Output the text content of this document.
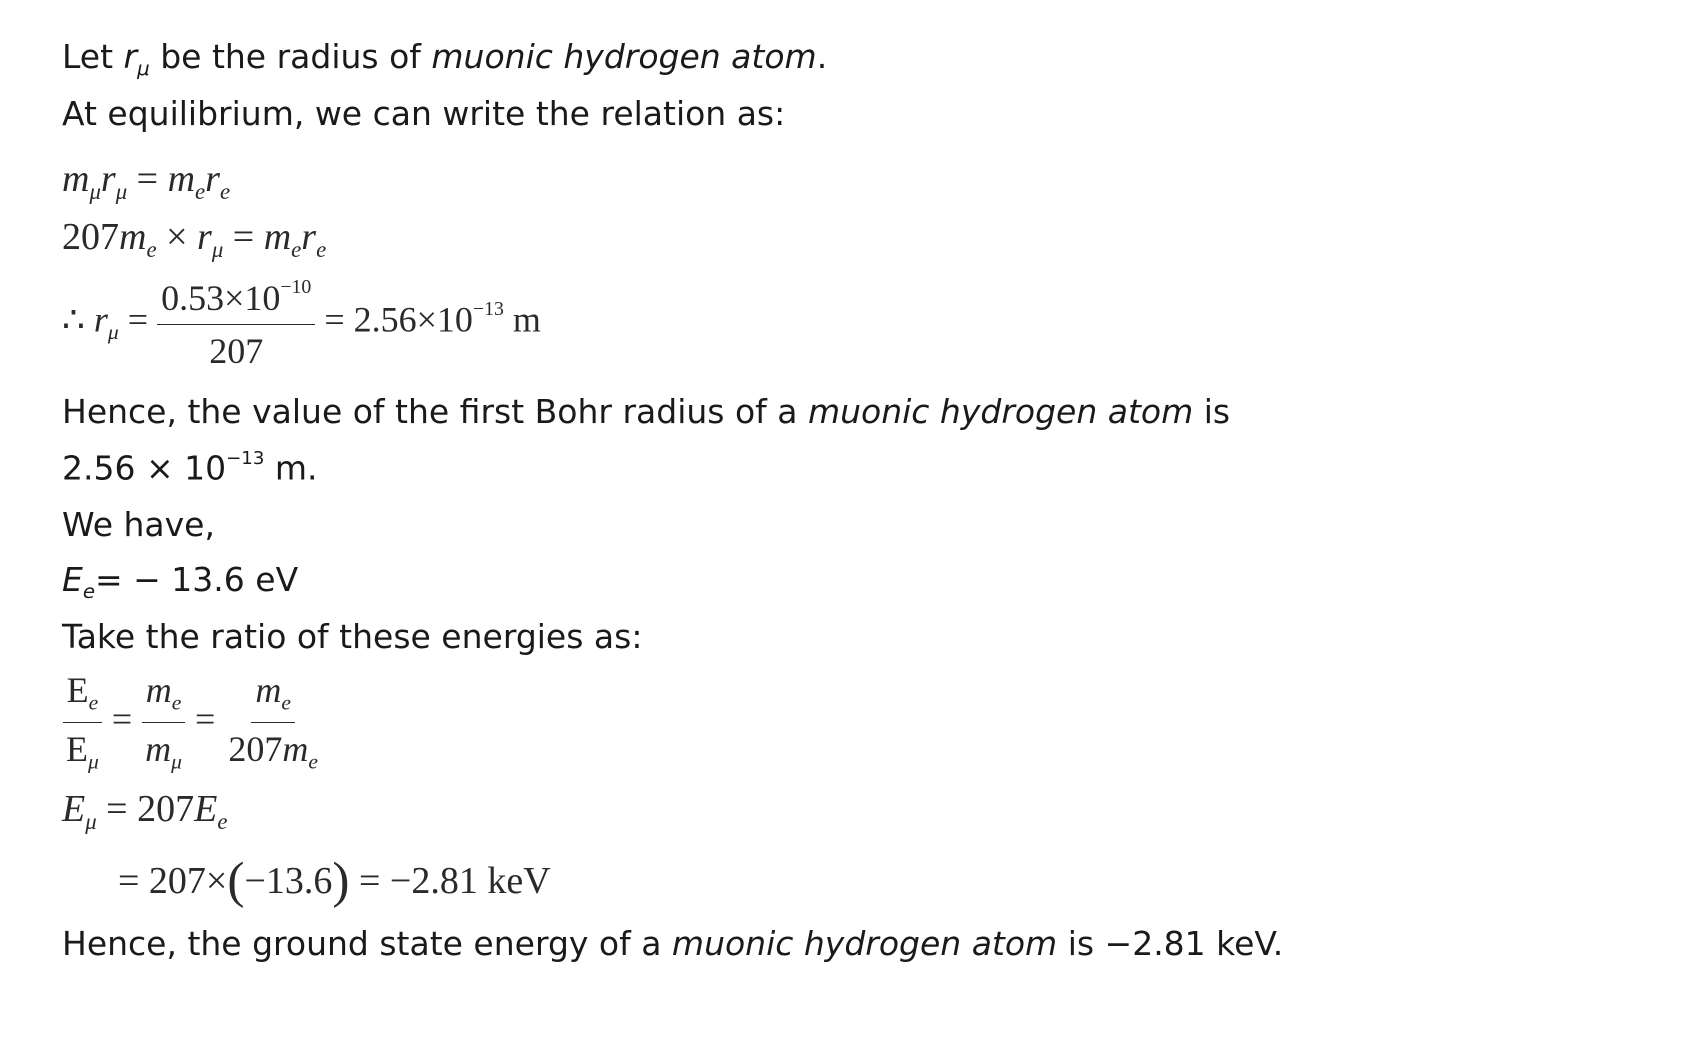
Let $r_\mu$ be the radius of muonic hydrogen atom.
At equilibrium, we can write the relation as:
$m_\mu r_\mu = m_er_e$
$207m_e \times r_\mu = m_er_e$
∴ $r_\mu = \frac{0.53\times 10^{-10}}{207} = 2.56\times 10^{-13}$ m
Hence, the value of the first Bohr radius of a muonic hydrogen atom is
$2.56 \times 10^{-13}$ m.
We have,
$E_e= - 13.6$ eV
Take the ratio of these energies as:
$\frac{E_e}{E_\mu} = \frac{m_e}{m_\mu} = \frac{m_e}{207m_e}$
$E_\mu = 207E_e$
= 207×(−13.6) = −2.81 keV
Hence, the ground state energy of a muonic hydrogen atom is −2.81 keV.
